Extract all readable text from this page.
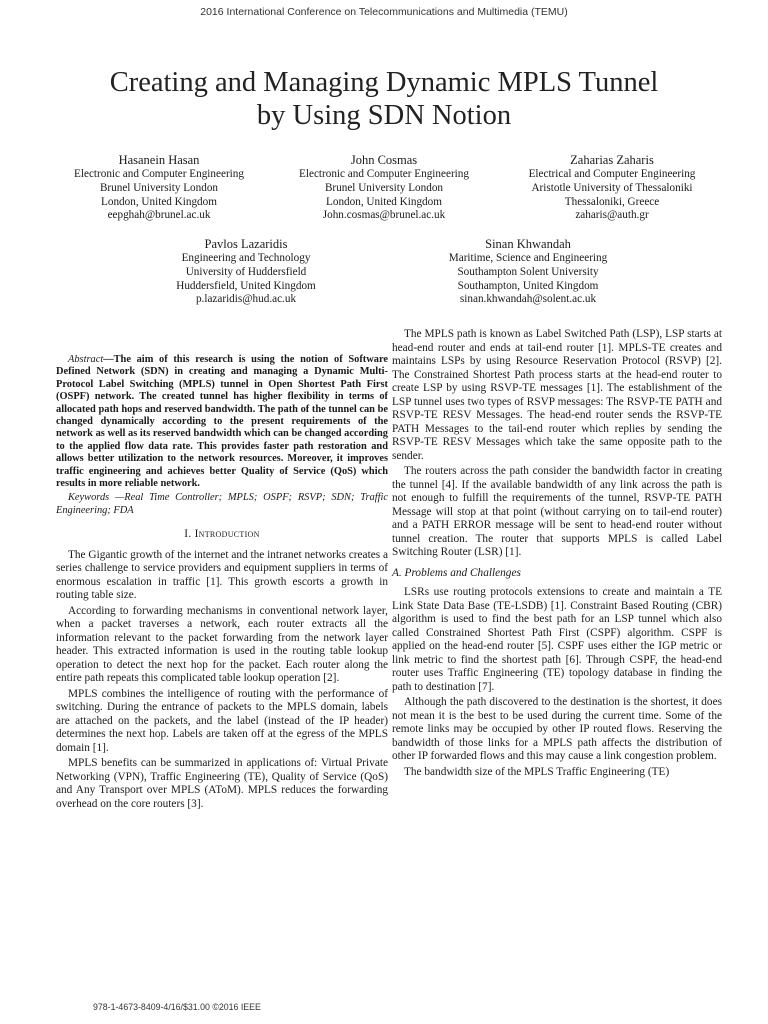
2016 International Conference on Telecommunications and Multimedia (TEMU)
Creating and Managing Dynamic MPLS Tunnel
by Using SDN Notion
Hasanein Hasan
Electronic and Computer Engineering
Brunel University London
London, United Kingdom
eepghah@brunel.ac.uk
John Cosmas
Electronic and Computer Engineering
Brunel University London
London, United Kingdom
John.cosmas@brunel.ac.uk
Zaharias Zaharis
Electrical and Computer Engineering
Aristotle University of Thessaloniki
Thessaloniki, Greece
zaharis@auth.gr
Pavlos Lazaridis
Engineering and Technology
University of Huddersfield
Huddersfield, United Kingdom
p.lazaridis@hud.ac.uk
Sinan Khwandah
Maritime, Science and Engineering
Southampton Solent University
Southampton, United Kingdom
sinan.khwandah@solent.ac.uk

Abstract—The aim of this research is using the notion of Software Defined Network (SDN) in creating and managing a Dynamic Multi-Protocol Label Switching (MPLS) tunnel in Open Shortest Path First (OSPF) network. The created tunnel has higher flexibility in terms of allocated path hops and reserved bandwidth. The path of the tunnel can be changed dynamically according to the present requirements of the network as well as its reserved bandwidth which can be changed according to the applied flow data rate. This provides faster path restoration and allows better utilization to the network resources. Moreover, it improves traffic engineering and achieves better Quality of Service (QoS) which results in more reliable network.

Keywords —Real Time Controller; MPLS; OSPF; RSVP; SDN; Traffic Engineering; FDA

I. Introduction

The Gigantic growth of the internet and the intranet networks creates a series challenge to service providers and equipment suppliers in terms of enormous escalation in traffic [1]. This growth escorts a growth in routing table size.

According to forwarding mechanisms in conventional network layer, when a packet traverses a network, each router extracts all the information relevant to the packet forwarding from the network layer header. This extracted information is used in the routing table lookup operation to detect the next hop for the packet. Each router along the entire path repeats this complicated table lookup operation [2].

MPLS combines the intelligence of routing with the performance of switching. During the entrance of packets to the MPLS domain, labels are attached on the packets, and the label (instead of the IP header) determines the next hop. Labels are taken off at the egress of the MPLS domain [1].

MPLS benefits can be summarized in applications of: Virtual Private Networking (VPN), Traffic Engineering (TE), Quality of Service (QoS) and Any Transport over MPLS (AToM). MPLS reduces the forwarding overhead on the core routers [3].

The MPLS path is known as Label Switched Path (LSP), LSP starts at head-end router and ends at tail-end router [1]. MPLS-TE creates and maintains LSPs by using Resource Reservation Protocol (RSVP) [2]. The Constrained Shortest Path process starts at the head-end router to create LSP by using RSVP-TE messages [1]. The establishment of the LSP tunnel uses two types of RSVP messages: The RSVP-TE PATH and RSVP-TE RESV Messages. The head-end router sends the RSVP-TE PATH Messages to the tail-end router which replies by sending the RSVP-TE RESV Messages which take the same opposite path to the sender.

The routers across the path consider the bandwidth factor in creating the tunnel [4]. If the available bandwidth of any link across the path is not enough to fulfill the requirements of the tunnel, RSVP-TE PATH Message will stop at that point (without carrying on to tail-end router) and a PATH ERROR message will be sent to head-end router without tunnel creation. The router that supports MPLS is called Label Switching Router (LSR) [1].

A. Problems and Challenges

LSRs use routing protocols extensions to create and maintain a TE Link State Data Base (TE-LSDB) [1]. Constraint Based Routing (CBR) algorithm is used to find the best path for an LSP tunnel which also called Constrained Shortest Path First (CSPF) algorithm. CSPF is applied on the head-end router [5]. CSPF uses either the IGP metric or link metric to find the shortest path [6]. Through CSPF, the head-end router uses Traffic Engineering (TE) topology database in finding the path to destination [7].

Although the path discovered to the destination is the shortest, it does not mean it is the best to be used during the current time. Some of the remote links may be occupied by other IP routed flows. Reserving the bandwidth of those links for a MPLS path affects the distribution of other IP forwarded flows and this may cause a link congestion problem.

The bandwidth size of the MPLS Traffic Engineering (TE)

978-1-4673-8409-4/16/$31.00 ©2016 IEEE
